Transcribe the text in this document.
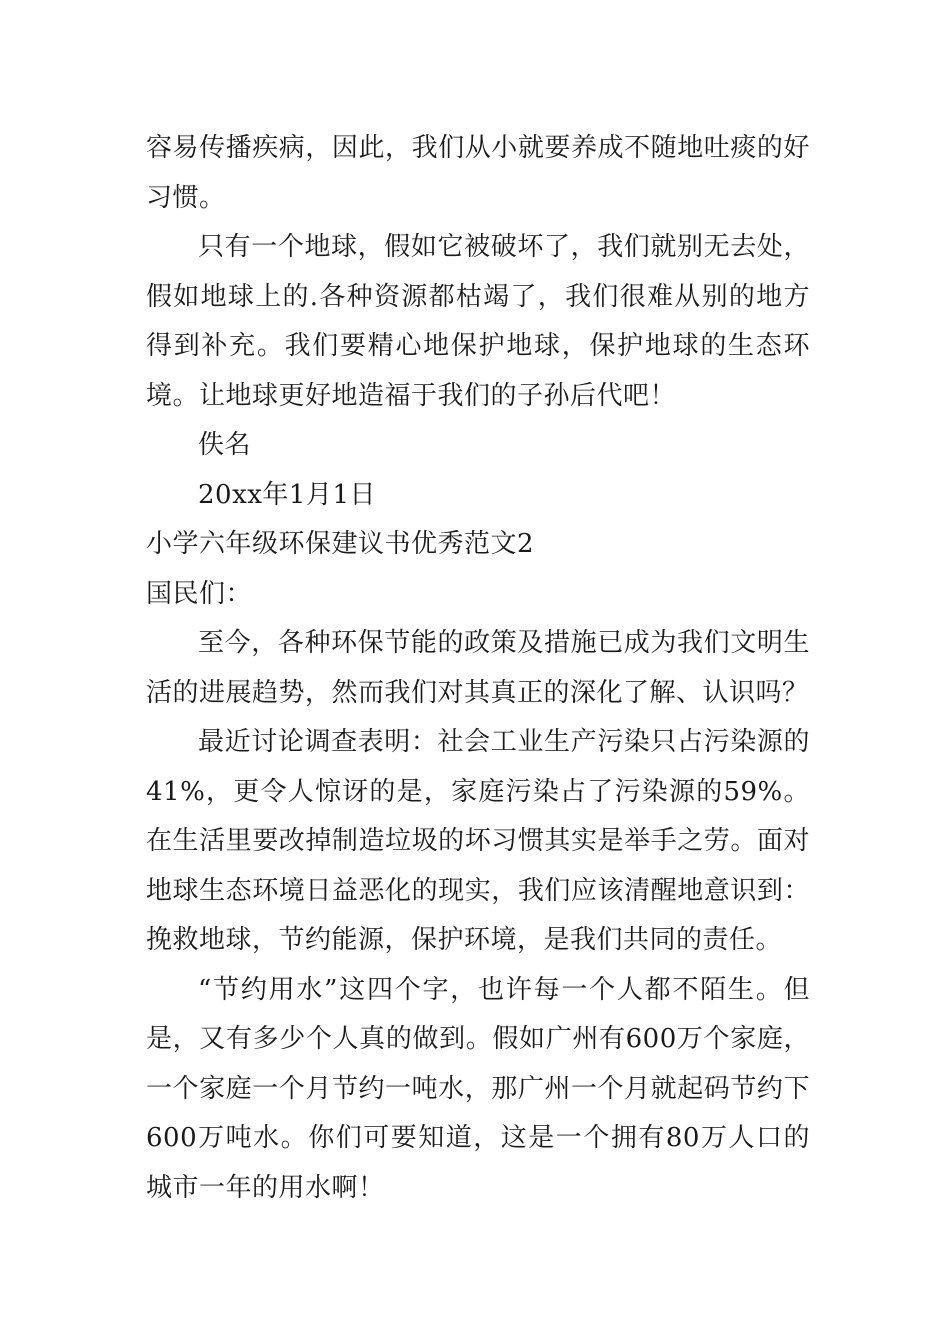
容易传播疾病，因此，我们从小就要养成不随地吐痰的好习惯。

只有一个地球，假如它被破坏了，我们就别无去处，假如地球上的.各种资源都枯竭了，我们很难从别的地方得到补充。我们要精心地保护地球，保护地球的生态环境。让地球更好地造福于我们的子孙后代吧！

佚名

20xx年1月1日

小学六年级环保建议书优秀范文2

国民们：

至今，各种环保节能的政策及措施已成为我们文明生活的进展趋势，然而我们对其真正的深化了解、认识吗？

最近讨论调查表明：社会工业生产污染只占污染源的41%，更令人惊讶的是，家庭污染占了污染源的59%。在生活里要改掉制造垃圾的坏习惯其实是举手之劳。面对地球生态环境日益恶化的现实，我们应该清醒地意识到：挽救地球，节约能源，保护环境，是我们共同的责任。

“节约用水”这四个字，也许每一个人都不陌生。但是，又有多少个人真的做到。假如广州有600万个家庭，一个家庭一个月节约一吨水，那广州一个月就起码节约下600万吨水。你们可要知道，这是一个拥有80万人口的城市一年的用水啊！
